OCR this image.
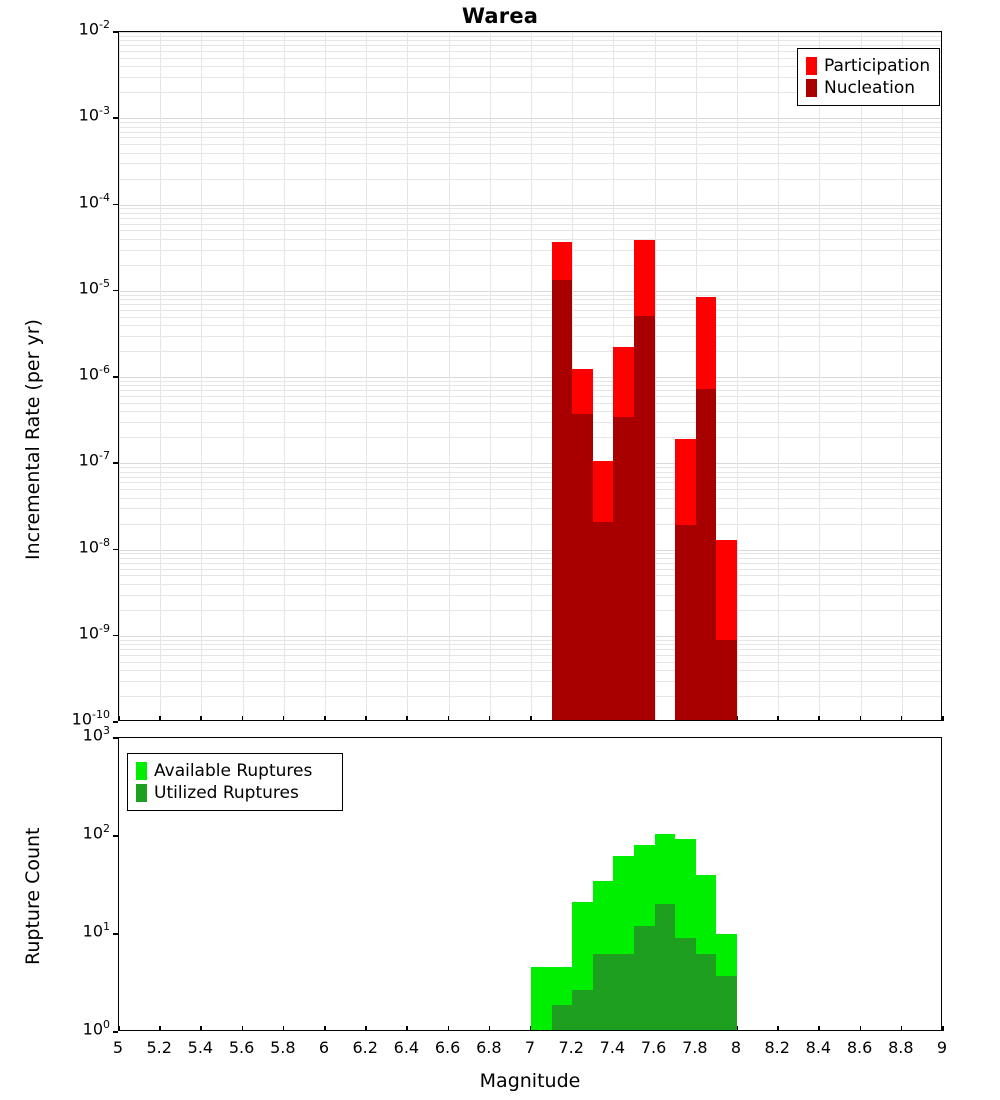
Warea
Incremental Rate (per yr)
Rupture Count
Magnitude
Participation
Nucleation
Available Ruptures
Utilized Ruptures
$10^{-10}$
$10^{-9}$
$10^{-8}$
$10^{-7}$
$10^{-6}$
$10^{-5}$
$10^{-4}$
$10^{-3}$
$10^{-2}$
$10^0$
$10^1$
$10^2$
$10^3$
5	5.2 5.4 5.6 5.8	6	6.2 6.4 6.6 6.8	7	7.2 7.4 7.6 7.8	8	8.2 8.4 8.6 8.8	9
